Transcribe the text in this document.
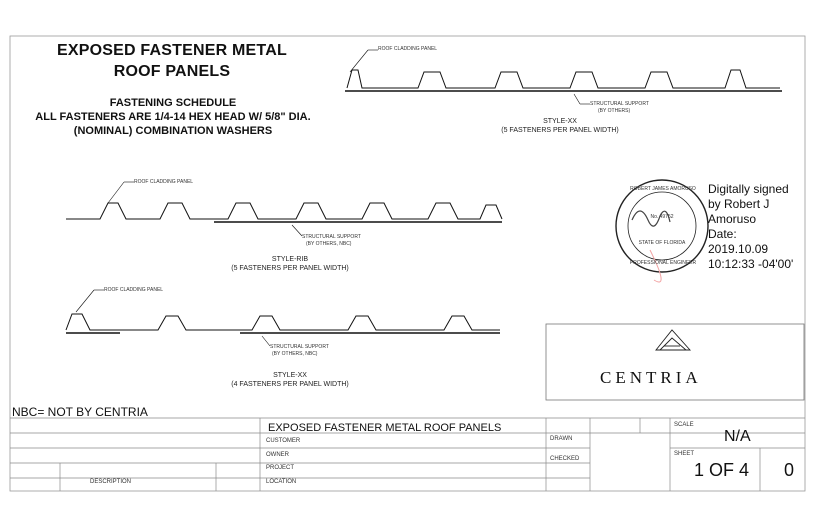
EXPOSED FASTENER METAL
ROOF PANELS
FASTENING SCHEDULE
ALL FASTENERS ARE 1/4-14 HEX HEAD W/ 5/8" DIA.
(NOMINAL) COMBINATION WASHERS
ROOF CLADDING PANEL
STRUCTURAL SUPPORT
(BY OTHERS)
STYLE-XX
(5 FASTENERS PER PANEL WIDTH)
ROOF CLADDING PANEL
STRUCTURAL SUPPORT
(BY OTHERS, NBC)
STYLE-RIB
(5 FASTENERS PER PANEL WIDTH)
ROOF CLADDING PANEL
STRUCTURAL SUPPORT
(BY OTHERS, NBC)
STYLE-XX
(4 FASTENERS PER PANEL WIDTH)
ROBERT JAMES AMORUSO
No. 49752
STATE OF FLORIDA
PROFESSIONAL ENGINEER
Digitally signed
by Robert J
Amoruso
Date:
2019.10.09
10:12:33 -04'00'
CENTRIA
NBC= NOT BY CENTRIA
EXPOSED FASTENER METAL ROOF PANELS
CUSTOMER
OWNER
PROJECT
LOCATION
DRAWN
CHECKED
SCALE
SHEET
DESCRIPTION
N/A
1 OF 4 0
